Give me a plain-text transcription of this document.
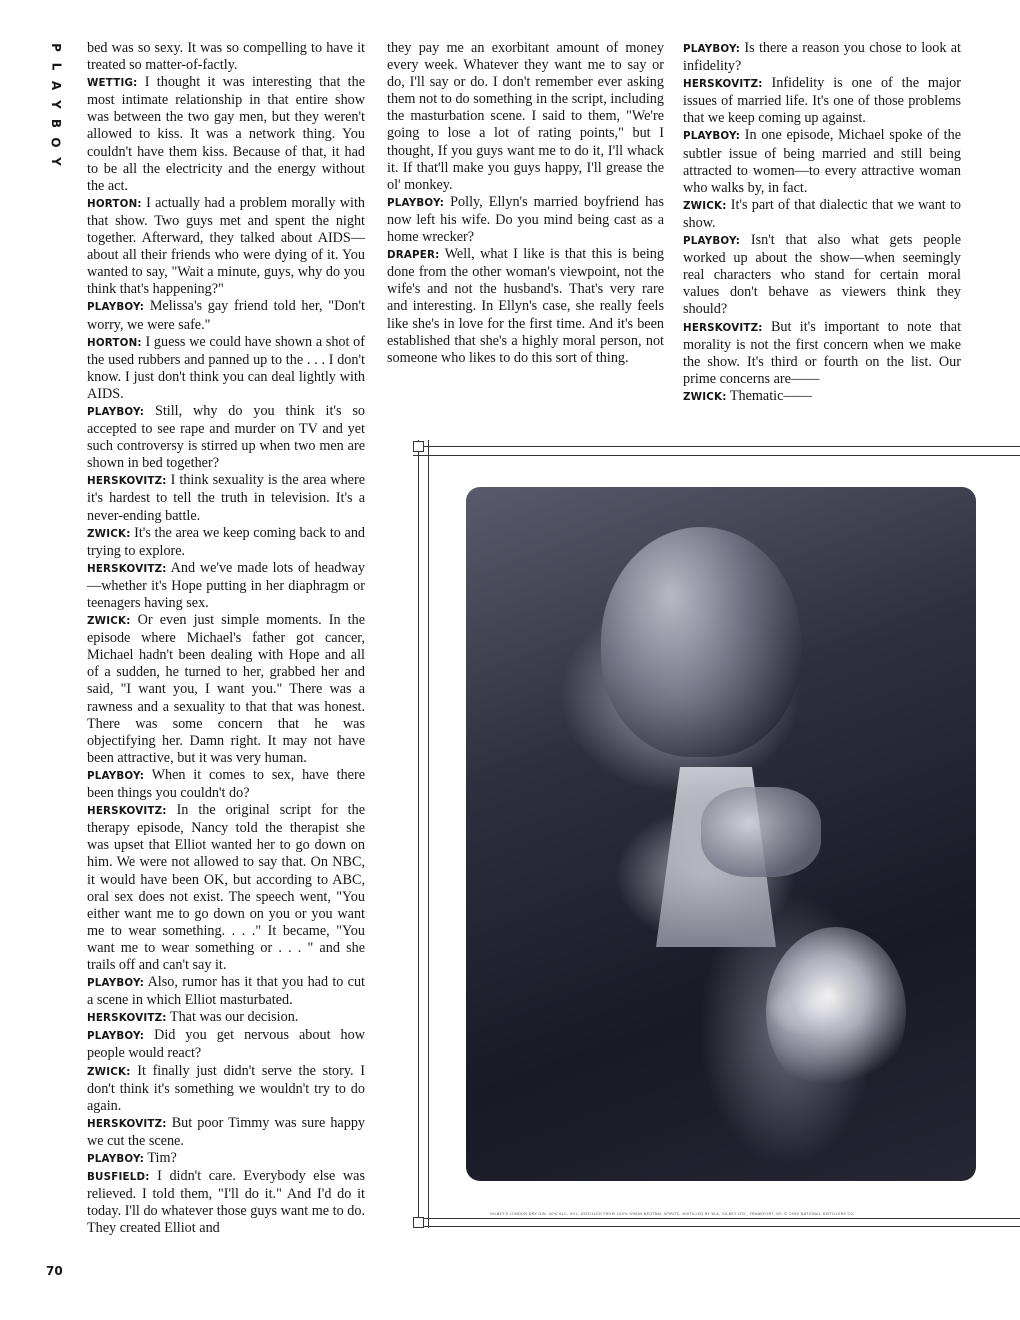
P
L
A
Y
B
O
Y

bed was so sexy. It was so compelling to have it treated so matter-of-factly.

WETTIG: I thought it was interesting that the most intimate relationship in that entire show was between the two gay men, but they weren't allowed to kiss. It was a network thing. You couldn't have them kiss. Because of that, it had to be all the electricity and the energy without the act.

HORTON: I actually had a problem morally with that show. Two guys met and spent the night together. Afterward, they talked about AIDS—about all their friends who were dying of it. You wanted to say, "Wait a minute, guys, why do you think that's happening?"

PLAYBOY: Melissa's gay friend told her, "Don't worry, we were safe."

HORTON: I guess we could have shown a shot of the used rubbers and panned up to the . . . I don't know. I just don't think you can deal lightly with AIDS.

PLAYBOY: Still, why do you think it's so accepted to see rape and murder on TV and yet such controversy is stirred up when two men are shown in bed together?

HERSKOVITZ: I think sexuality is the area where it's hardest to tell the truth in television. It's a never-ending battle.

ZWICK: It's the area we keep coming back to and trying to explore.

HERSKOVITZ: And we've made lots of headway—whether it's Hope putting in her diaphragm or teenagers having sex.

ZWICK: Or even just simple moments. In the episode where Michael's father got cancer, Michael hadn't been dealing with Hope and all of a sudden, he turned to her, grabbed her and said, "I want you, I want you." There was a rawness and a sexuality to that that was honest. There was some concern that he was objectifying her. Damn right. It may not have been attractive, but it was very human.

PLAYBOY: When it comes to sex, have there been things you couldn't do?

HERSKOVITZ: In the original script for the therapy episode, Nancy told the therapist she was upset that Elliot wanted her to go down on him. We were not allowed to say that. On NBC, it would have been OK, but according to ABC, oral sex does not exist. The speech went, "You either want me to go down on you or you want me to wear something. . . ." It became, "You want me to wear something or . . . " and she trails off and can't say it.

PLAYBOY: Also, rumor has it that you had to cut a scene in which Elliot masturbated.

HERSKOVITZ: That was our decision.

PLAYBOY: Did you get nervous about how people would react?

ZWICK: It finally just didn't serve the story. I don't think it's something we wouldn't try to do again.

HERSKOVITZ: But poor Timmy was sure happy we cut the scene.

PLAYBOY: Tim?

BUSFIELD: I didn't care. Everybody else was relieved. I told them, "I'll do it." And I'd do it today. I'll do whatever those guys want me to do. They created Elliot and

they pay me an exorbitant amount of money every week. Whatever they want me to say or do, I'll say or do. I don't remember ever asking them not to do something in the script, including the masturbation scene. I said to them, "We're going to lose a lot of rating points," but I thought, If you guys want me to do it, I'll whack it. If that'll make you guys happy, I'll grease the ol' monkey.

PLAYBOY: Polly, Ellyn's married boyfriend has now left his wife. Do you mind being cast as a home wrecker?

DRAPER: Well, what I like is that this is being done from the other woman's viewpoint, not the wife's and not the husband's. That's very rare and interesting. In Ellyn's case, she really feels like she's in love for the first time. And it's been established that she's a highly moral person, not someone who likes to do this sort of thing.

PLAYBOY: Is there a reason you chose to look at infidelity?

HERSKOVITZ: Infidelity is one of the major issues of married life. It's one of those problems that we keep coming up against.

PLAYBOY: In one episode, Michael spoke of the subtler issue of being married and still being attracted to women—to every attractive woman who walks by, in fact.

ZWICK: It's part of that dialectic that we want to show.

PLAYBOY: Isn't that also what gets people worked up about the show—when seemingly real characters who stand for certain moral values don't behave as viewers think they should?

HERSKOVITZ: But it's important to note that morality is not the first concern when we make the show. It's third or fourth on the list. Our prime concerns are——

ZWICK: Thematic——

GILBEY'S LONDON DRY GIN. 40% ALC. VOL. DISTILLED FROM 100% GRAIN NEUTRAL SPIRITS. DISTILLED BY W.A. GILBEY LTD., FRANKFORT, KY. © 1990 NATIONAL DISTILLERS CO.
70
